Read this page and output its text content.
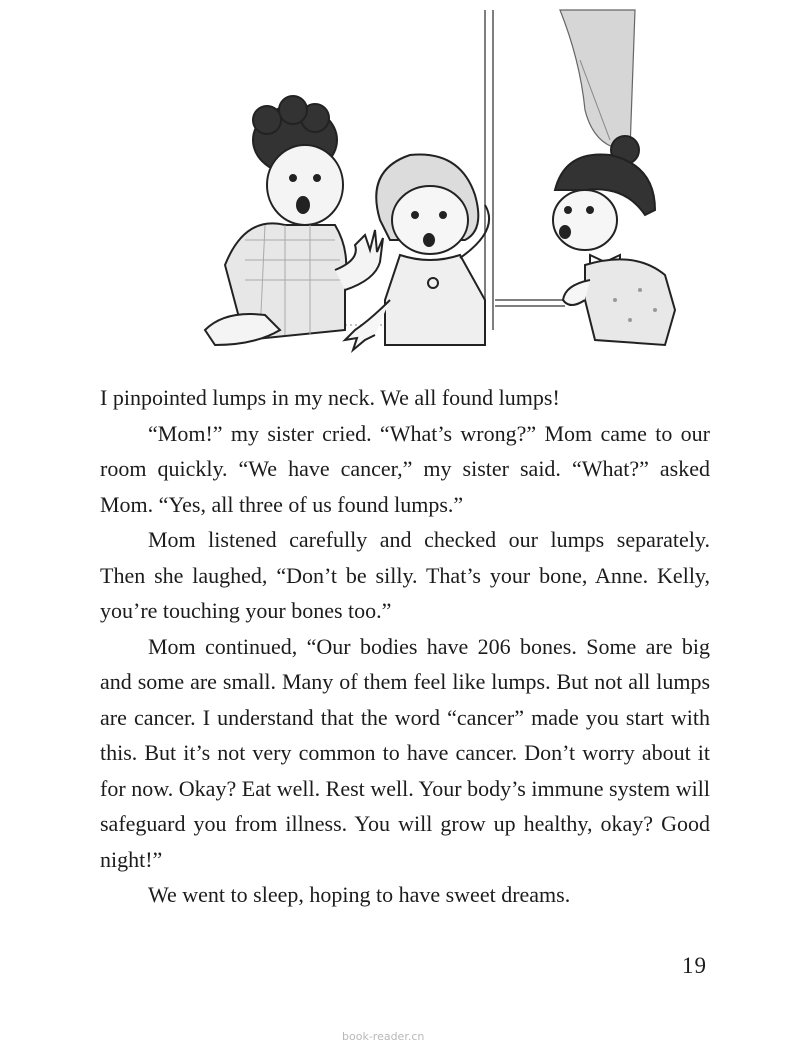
I pinpointed lumps in my neck. We all found lumps!

“Mom!” my sister cried. “What’s wrong?” Mom came to our room quickly. “We have cancer,” my sister said. “What?” asked Mom. “Yes, all three of us found lumps.”

Mom listened carefully and checked our lumps separately. Then she laughed, “Don’t be silly. That’s your bone, Anne. Kelly, you’re touching your bones too.”

Mom continued, “Our bodies have 206 bones. Some are big and some are small. Many of them feel like lumps. But not all lumps are cancer. I understand that the word “cancer” made you start with this. But it’s not very common to have cancer. Don’t worry about it for now. Okay? Eat well. Rest well. Your body’s immune system will safeguard you from illness. You will grow up healthy, okay? Good night!”

We went to sleep, hoping to have sweet dreams.

19
book-reader.cn
